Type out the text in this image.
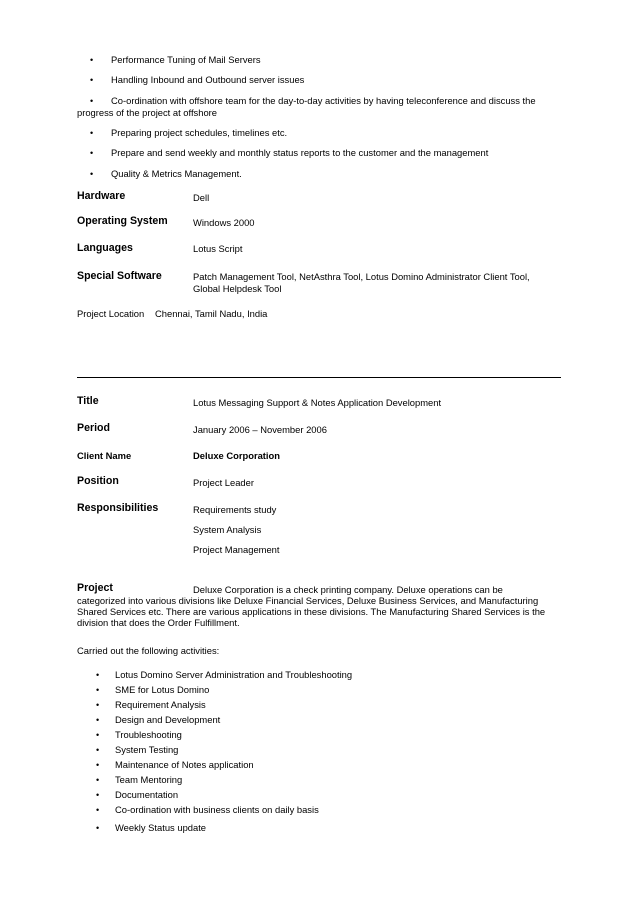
• Performance Tuning of Mail Servers
• Handling Inbound and Outbound server issues
• Co-ordination with offshore team for the day-to-day activities by having teleconference and discuss the
progress of the project at offshore
• Preparing project schedules, timelines etc.
• Prepare and send weekly and monthly status reports to the customer and the management
• Quality & Metrics Management.
Hardware	Dell
Operating System	Windows 2000
Languages	Lotus Script
Special Software	Patch Management Tool, NetAsthra Tool, Lotus Domino Administrator Client Tool,
Global Helpdesk Tool
Project Location Chennai, Tamil Nadu, India
Title	Lotus Messaging Support & Notes Application Development
Period	January 2006 – November 2006
Client Name	Deluxe Corporation
Position	Project Leader
Responsibilities	Requirements study
System Analysis
Project Management
Project	Deluxe Corporation is a check printing company. Deluxe operations can be
categorized into various divisions like Deluxe Financial Services, Deluxe Business Services, and Manufacturing
Shared Services etc. There are various applications in these divisions. The Manufacturing Shared Services is the
division that does the Order Fulfillment.
Carried out the following activities:
• Lotus Domino Server Administration and Troubleshooting
• SME for Lotus Domino
• Requirement Analysis
• Design and Development
• Troubleshooting
• System Testing
• Maintenance of Notes application
• Team Mentoring
• Documentation
• Co-ordination with business clients on daily basis
• Weekly Status update
